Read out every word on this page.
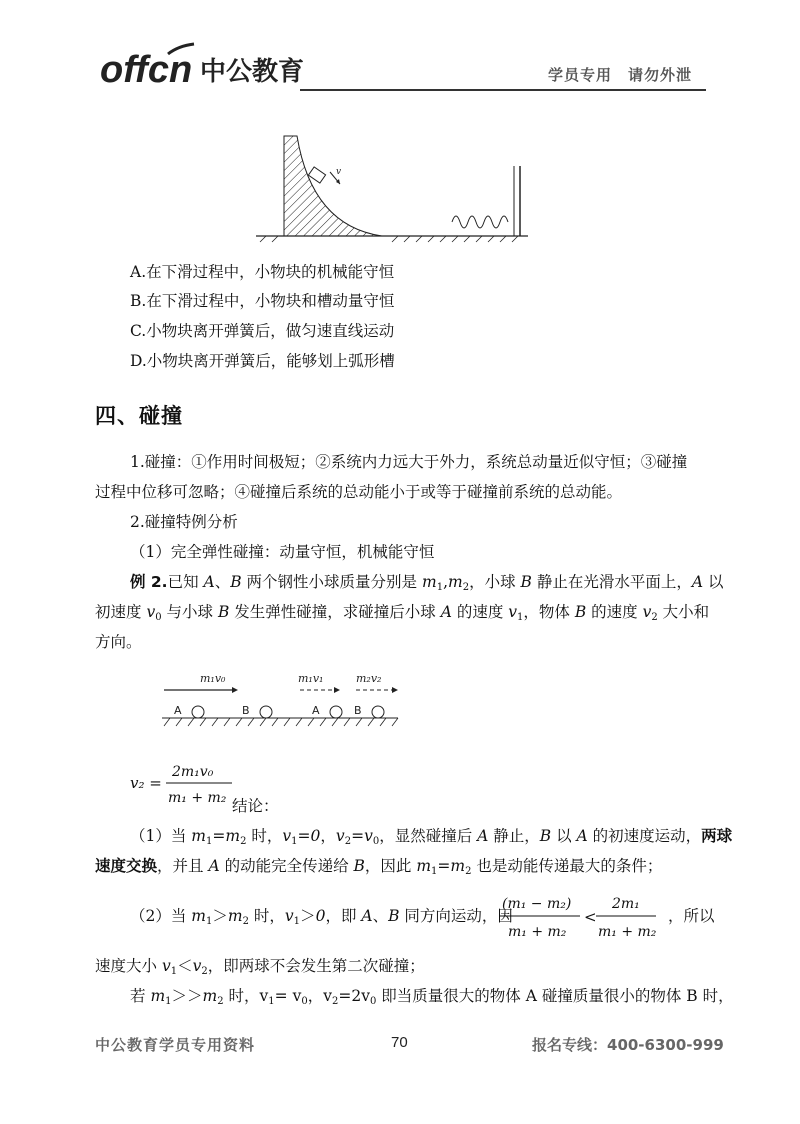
offcn 中公教育	学员专用　请勿外泄
v
A.在下滑过程中，小物块的机械能守恒
B.在下滑过程中，小物块和槽动量守恒
C.小物块离开弹簧后，做匀速直线运动
D.小物块离开弹簧后，能够划上弧形槽
四、碰撞
1.碰撞：①作用时间极短；②系统内力远大于外力，系统总动量近似守恒；③碰撞
过程中位移可忽略；④碰撞后系统的总动能小于或等于碰撞前系统的总动能。
2.碰撞特例分析
（1）完全弹性碰撞：动量守恒，机械能守恒
例 2.已知 A、B 两个钢性小球质量分别是 $m_1,m_2$，小球 B 静止在光滑水平面上，A 以
初速度 $v_0$ 与小球 B 发生弹性碰撞，求碰撞后小球 A 的速度 $v_1$，物体 B 的速度 $v_2$ 大小和
方向。
m₁v₀	m₁v₁	m₂v₂
A	B	A	B
v₂ =
2m₁v₀
m₁ + m₂ 结论：
（1）当 $m_1=m_2$ 时，$v_1=0$，$v_2=v_0$，显然碰撞后 A 静止，B 以 A 的初速度运动，两球
速度交换，并且 A 的动能完全传递给 B，因此 $m_1=m_2$ 也是动能传递最大的条件；
（2）当 $m_1>m_2$ 时，$v_1>0$，即 A、B 同方向运动，因
(m₁ − m₂)
m₁ + m₂
<
2m₁
m₁ + m₂
，所以
速度大小 $v_1<v_2$，即两球不会发生第二次碰撞；
若 $m_1>>m_2$ 时，$v_1= v_0$，$v_2=2v_0$ 即当质量很大的物体 A 碰撞质量很小的物体 B 时，
中公教育学员专用资料	70	报名专线：400-6300-999
